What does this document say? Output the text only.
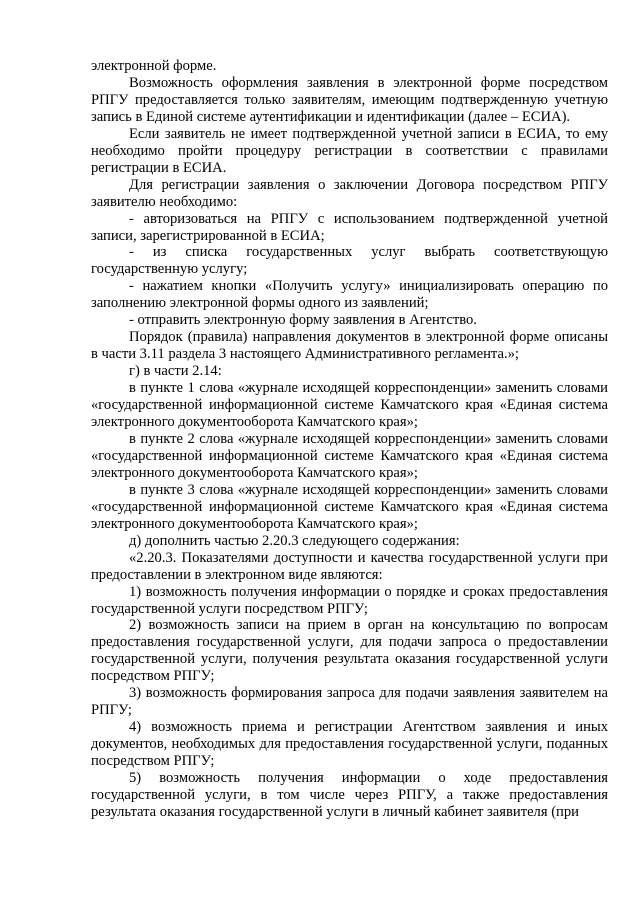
электронной форме.

Возможность оформления заявления в электронной форме посредством РПГУ предоставляется только заявителям, имеющим подтвержденную учетную запись в Единой системе аутентификации и идентификации (далее – ЕСИА).

Если заявитель не имеет подтвержденной учетной записи в ЕСИА, то ему необходимо пройти процедуру регистрации в соответствии с правилами регистрации в ЕСИА.

Для регистрации заявления о заключении Договора посредством РПГУ заявителю необходимо:

- авторизоваться на РПГУ с использованием подтвержденной учетной записи, зарегистрированной в ЕСИА;

- из списка государственных услуг выбрать соответствующую государственную услугу;

- нажатием кнопки «Получить услугу» инициализировать операцию по заполнению электронной формы одного из заявлений;

- отправить электронную форму заявления в Агентство.

Порядок (правила) направления документов в электронной форме описаны в части 3.11 раздела 3 настоящего Административного регламента.»;

г) в части 2.14:

в пункте 1 слова «журнале исходящей корреспонденции» заменить словами «государственной информационной системе Камчатского края «Единая система электронного документооборота Камчатского края»;

в пункте 2 слова «журнале исходящей корреспонденции» заменить словами «государственной информационной системе Камчатского края «Единая система электронного документооборота Камчатского края»;

в пункте 3 слова «журнале исходящей корреспонденции» заменить словами «государственной информационной системе Камчатского края «Единая система электронного документооборота Камчатского края»;

д) дополнить частью 2.20.3 следующего содержания:

«2.20.3. Показателями доступности и качества государственной услуги при предоставлении в электронном виде являются:

1) возможность получения информации о порядке и сроках предоставления государственной услуги посредством РПГУ;

2) возможность записи на прием в орган на консультацию по вопросам предоставления государственной услуги, для подачи запроса о предоставлении государственной услуги, получения результата оказания государственной услуги посредством РПГУ;

3) возможность формирования запроса для подачи заявления заявителем на РПГУ;

4) возможность приема и регистрации Агентством заявления и иных документов, необходимых для предоставления государственной услуги, поданных посредством РПГУ;

5) возможность получения информации о ходе предоставления государственной услуги, в том числе через РПГУ, а также предоставления результата оказания государственной услуги в личный кабинет заявителя (при
